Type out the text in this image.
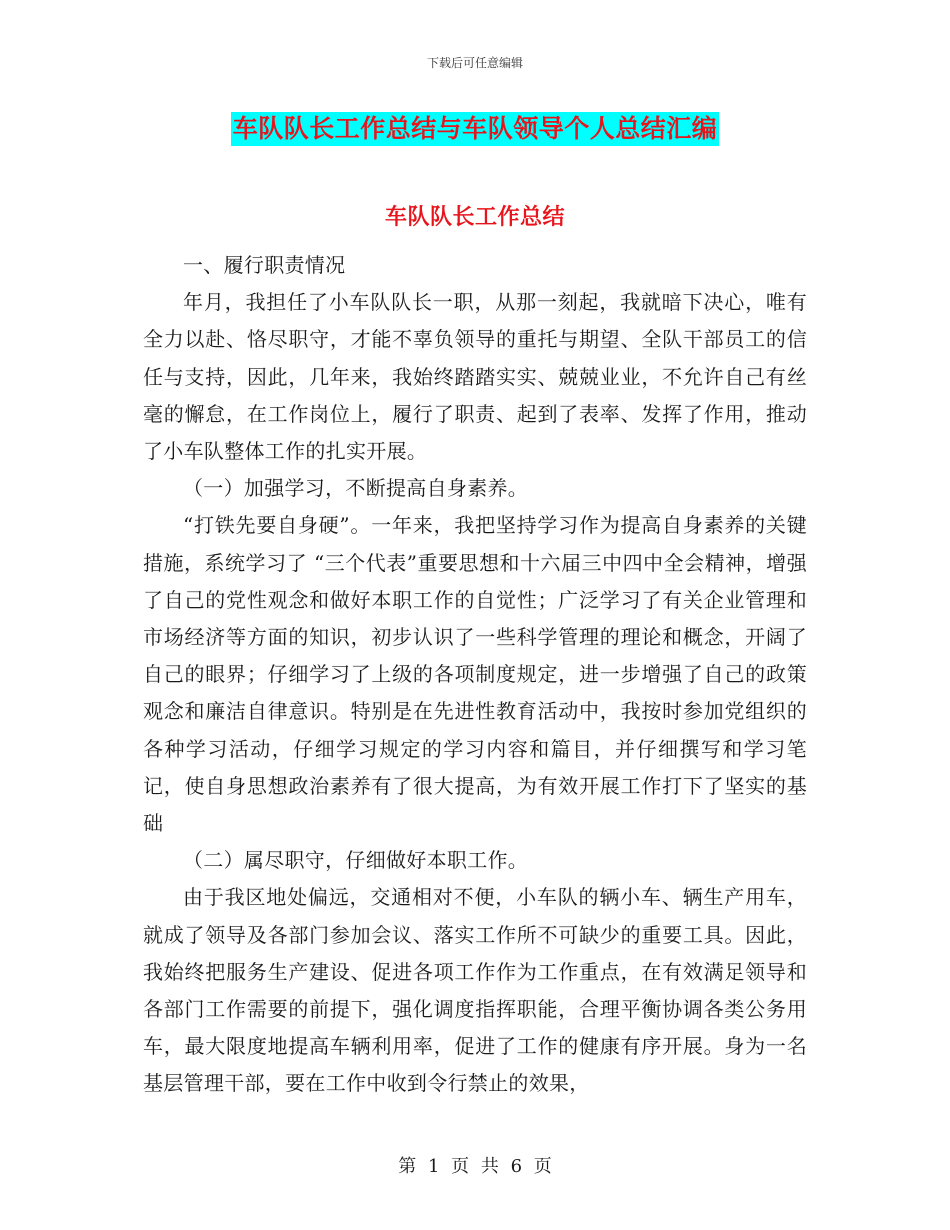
下载后可任意编辑
车队队长工作总结与车队领导个人总结汇编
车队队长工作总结

一、履行职责情况

年月，我担任了小车队队长一职，从那一刻起，我就暗下决心，唯有全力以赴、恪尽职守，才能不辜负领导的重托与期望、全队干部员工的信任与支持，因此，几年来，我始终踏踏实实、兢兢业业，不允许自己有丝毫的懈怠，在工作岗位上，履行了职责、起到了表率、发挥了作用，推动了小车队整体工作的扎实开展。

（一）加强学习，不断提高自身素养。

“打铁先要自身硬”。一年来，我把坚持学习作为提高自身素养的关键措施，系统学习了 “三个代表”重要思想和十六届三中四中全会精神，增强了自己的党性观念和做好本职工作的自觉性；广泛学习了有关企业管理和市场经济等方面的知识，初步认识了一些科学管理的理论和概念，开阔了自己的眼界；仔细学习了上级的各项制度规定，进一步增强了自己的政策观念和廉洁自律意识。特别是在先进性教育活动中，我按时参加党组织的各种学习活动，仔细学习规定的学习内容和篇目，并仔细撰写和学习笔记，使自身思想政治素养有了很大提高，为有效开展工作打下了坚实的基础

（二）属尽职守，仔细做好本职工作。

由于我区地处偏远，交通相对不便，小车队的辆小车、辆生产用车，就成了领导及各部门参加会议、落实工作所不可缺少的重要工具。因此，我始终把服务生产建设、促进各项工作作为工作重点，在有效满足领导和各部门工作需要的前提下，强化调度指挥职能，合理平衡协调各类公务用车，最大限度地提高车辆利用率，促进了工作的健康有序开展。身为一名基层管理干部，要在工作中收到令行禁止的效果，

第 1 页 共 6 页
